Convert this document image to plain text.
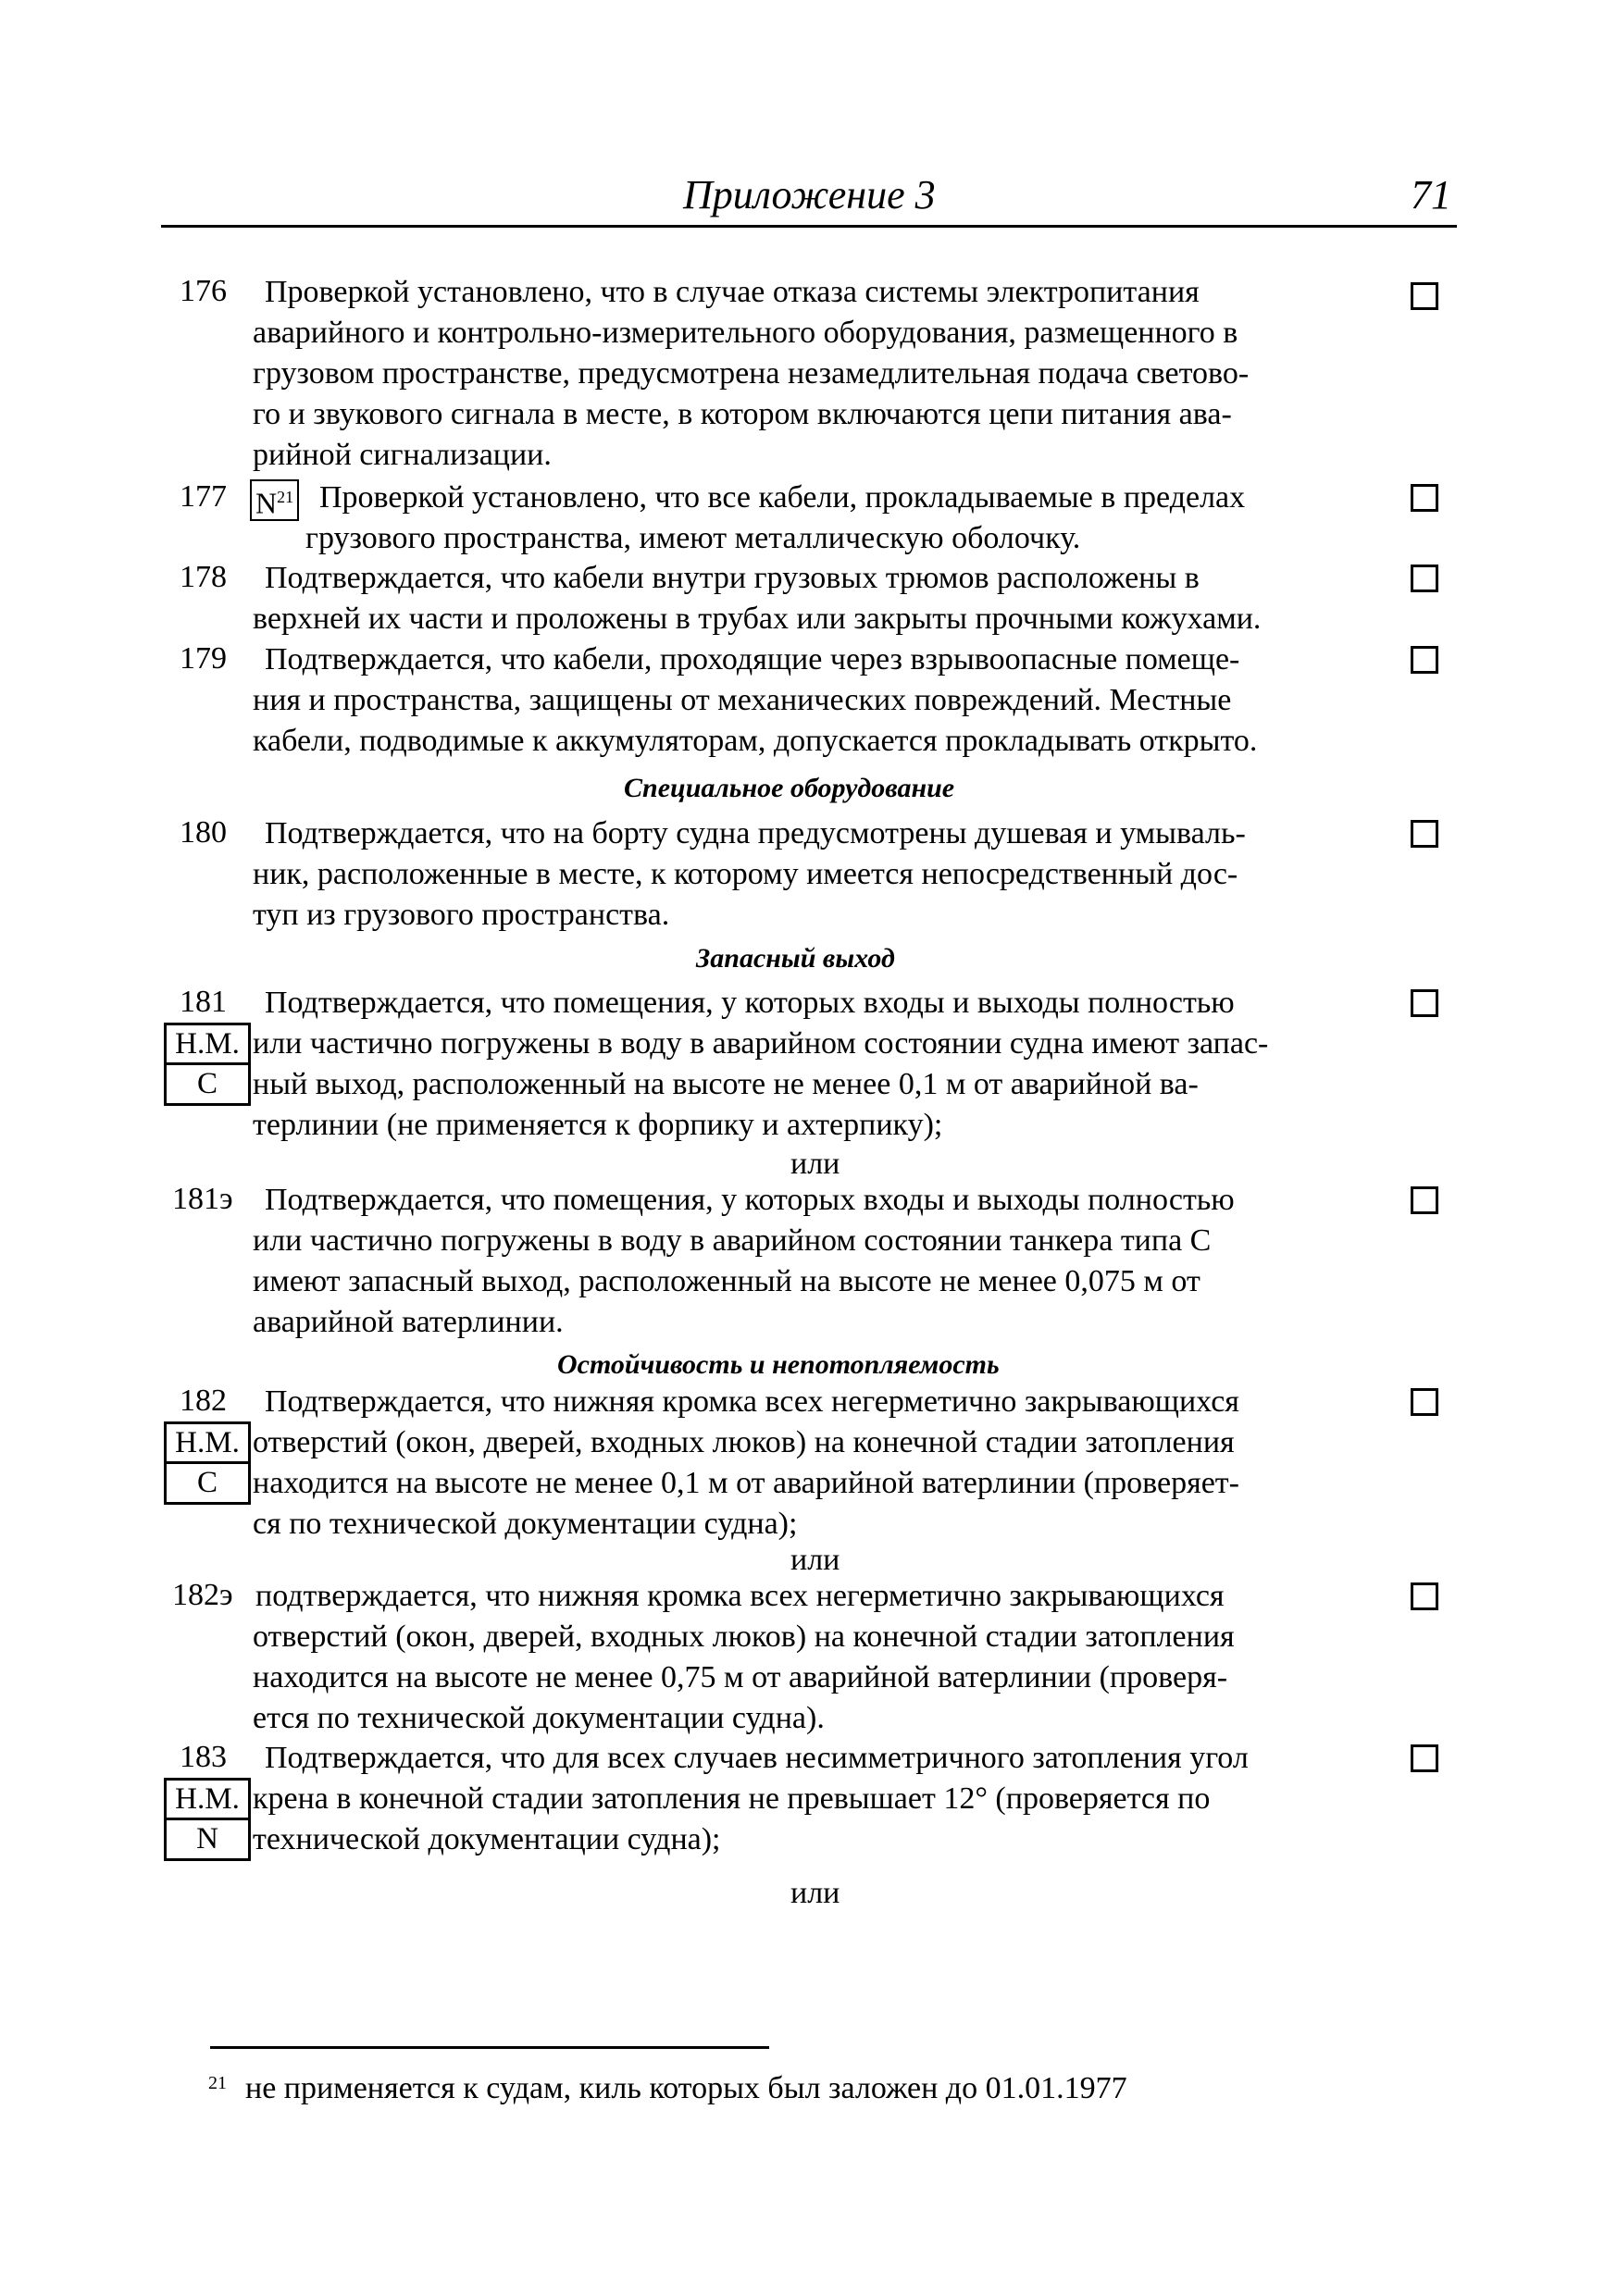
Приложение 3	71
176 Проверкой установлено, что в случае отказа системы электропитания
аварийного и контрольно-измерительного оборудования, размещенного в
грузовом пространстве, предусмотрена незамедлительная подача светово-
го и звукового сигнала в месте, в котором включаются цепи питания ава-
рийной сигнализации.
177 $N^{21}$ Проверкой установлено, что все кабели, прокладываемые в пределах
грузового пространства, имеют металлическую оболочку.
178 Подтверждается, что кабели внутри грузовых трюмов расположены в
верхней их части и проложены в трубах или закрыты прочными кожухами.
179 Подтверждается, что кабели, проходящие через взрывоопасные помеще-
ния и пространства, защищены от механических повреждений. Местные
кабели, подводимые к аккумуляторам, допускается прокладывать открыто.
Специальное оборудование
180 Подтверждается, что на борту судна предусмотрены душевая и умываль-
ник, расположенные в месте, к которому имеется непосредственный дос-
туп из грузового пространства.
Запасный выход
181 Подтверждается, что помещения, у которых входы и выходы полностью
или частично погружены в воду в аварийном состоянии судна имеют запас-
ный выход, расположенный на высоте не менее 0,1 м от аварийной ва-
терлинии (не применяется к форпику и ахтерпику);
Н.М.
С
или
181э Подтверждается, что помещения, у которых входы и выходы полностью
или частично погружены в воду в аварийном состоянии танкера типа С
имеют запасный выход, расположенный на высоте не менее 0,075 м от
аварийной ватерлинии.
Остойчивость и непотопляемость
182 Подтверждается, что нижняя кромка всех негерметично закрывающихся
отверстий (окон, дверей, входных люков) на конечной стадии затопления
находится на высоте не менее 0,1 м от аварийной ватерлинии (проверяет-
ся по технической документации судна);
Н.М.
С
или
182э подтверждается, что нижняя кромка всех негерметично закрывающихся
отверстий (окон, дверей, входных люков) на конечной стадии затопления
находится на высоте не менее 0,75 м от аварийной ватерлинии (проверя-
ется по технической документации судна).
183 Подтверждается, что для всех случаев несимметричного затопления угол
крена в конечной стадии затопления не превышает 12° (проверяется по
технической документации судна);
Н.М.
N
или
21 не применяется к судам, киль которых был заложен до 01.01.1977
